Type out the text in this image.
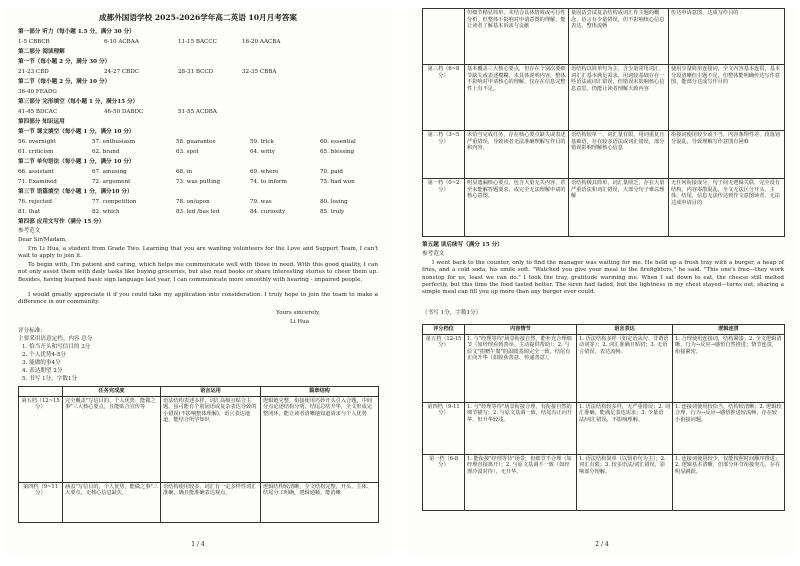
成都外国语学校 2025-2026学年高二英语 10月月考答案
第一部分 听力（每小题 1.5 分，满分 30 分）
1-5 CBBCB	6-10 ACBAA	11-15 BACCC	16-20 AACBA
第二部分 阅读理解
第一节（每小题 2 分，满分 30 分）
21-23 CBD	24-27 CBDC	28-31 BCCD	32-35 CBBA
第二节（每小题 2 分，满分 10 分）
36-40 FEADG
第三部分 完形填空（每小题 1 分，满分15 分）
41-45 BDCAC	46-50 DABDC	51-55 ACDBA
第四部分 知识运用
第一节 课文填空（每小题 1 分，满分 10 分）
56. overnight	57. enthusiasm	58. guarantee	59. trick	60. essential
61. criticism	62. brand	63. spot	64. witty	65. blessing
第二节 单句语法（每小题 1 分，满分 10 分）
66. assistant	67. amusing	68. in	69. where	70. paid
71. Examined	72. argument	73. was putting	74. to inform	75. had won
第三节 语篇填空（每小题 1 分，满分10 分）
76. rejected	77. competition	78. on/upon	79. was	80. losing
81. that	82. which	83. led /has led	84. curiosity	85. truly
第四部 应用文写作（满分 15 分）
参考范文
Dear Sir/Madam,
I'm Li Hua, a student from Grade Two. Learning that you are wanting volunteers for the Love and Support Team, I can't wait to apply to join it.
To begin with, I'm patient and caring, which helps me communicate well with those in need. With this good quality, I can not only assist them with daily tasks like buying groceries, but also read books or share interesting stories to cheer them up. Besides, having learned basic sign language last year, I can communicate more smoothly with hearing - impaired people.
I would greatly appreciate it if you could take my application into consideration. I truly hope to join the team to make a difference in our community.
Yours sincerely,
Li Hua
评分标准：
主要采用语意定档。内容 总分
1. 恰当开头和写信目的 3分
2. 个人优势4-5分
3. 能做的事4分
4. 表达期望 2分
5. 书写 1分，字数1分
	任务完成度	语言运用	篇章结构
第五档（12~15分）	完全覆盖"写信目的、个人优势、能做之事"三大核心要点，且能贴合宣传等	语法结构表述多样，词汇高级且贴合主题，虽可能有个别固语或复杂表达导致的小错误(不影响整体理解)，语言表达地道，能结合所学知识	逻辑链完整，衔接使用巧妙开头引入合题，中间分点论述结构分明，结尾总结升华，全文形成完整闭环，能让读者清晰地知道请求与个人优势
第四档（9~11分）	涵盖"写信目的，个人优势，能做之事"三大要点，无核心信息缺失，	语结构使用较多，词汇有一定多样性词汇准确，确且能准确表达观点，	逻辑结构较清晰，全文结构完整，开头、主体、结尾分工明确，逻辑通顺，能消晰
1 / 4
	但细节稍显简单，未结合具体情境或可行性分析，但整体不影响对申请意图的理解，能让读者了解基本诉求与贡献	量固话尝试复杂结构或词汇作主题的概念，语言有少量错误，但不影响核心信息表达，整体流畅	传达申请意图，达成写作目的
第三档（6~8分）	基本覆盖三大核心要点，但存在个别次要细节缺失或表述模糊，未具体说明内容，整体不影响对申请核心的理解，仅存在信息完整性上有不足。	语结构以简单句为主，含少量常用词汇，词汇汇基本满足需求，用词较基础存在一些语法或词汇错误，但错误未影响核心信息意思，仍能让读者理解大致内容	使用少量简单连接词，全文内容基本连贯，基本分段清晰但主题不足，但整体能明确传达写作意图，能部分达成写作目的
第二档（3~5分）	未恰当完成任务，存在核心要点缺失或表述严重错误，导致读者无法准确理解写作目的和内容。	语结构较单一，词汇量有限，用词重复且基础语，存在较多语法或词汇错误，部分错误影响理解核心信息	衔接词使用较少或不当，内容条理性差，段落划分混乱，导致理解写作意图有困难
第一档（0~2分）	明显遗漏核心要点，包含大量无关内容，甚至未能解答题要求，或完全无法理解申请的核心意图。	语结构极其简单，词汇量匮乏，存在大量严重语法和词汇错误，大部分句子难以理解	无任何衔接成分，句子间无逻辑关联，完全没有结构，内容零散混乱，全文无法区分开头、主体、结尾，信息无法传达到作文意图读者，无法达成申请目的
第五题 读后续写（满分 15 分）
参考范文
I went back to the counter, only to find the manager was waiting for me. He held up a fresh tray with a burger, a heap of fries, and a cold soda, his smile soft. "Watched you give your meal to the firefighters," he said. "This one's free—they work nonstop for us, least we can do." I took the tray, gratitude warming me. When I sat down to eat, the cheese still melted perfectly, but this time the food tasted better. The siren had faded, but the lightness in my chest stayed—turns out, sharing a simple meal can fill you up more than any burger ever could.
（书写 1分，字数1分）
评分档位	内容情节	语言表达	逻辑连贯
第五档（12-15 分）	1. 与"经理等待"场景衔接自然，能补充合理细节（如经理看到善举、主动提供帮助）；2. 与原文"捐赠午餐"的温暖基调完全一致，结尾有正向升华（如收获善意、传递善意）。	1. 语法结构多样（如定语从句、非谓语动词等）；2. 词汇准确且贴切；3. 无语言错误，表达流畅。	1. 合理使用连接词，结构紧凑；2. 全文逻辑清晰，行为→反应→感悟自然推进；情节连贯，衔接紧密。
第四档（9-11 分）	1. 与"经理等待"场景衔接合理，有衔接自然的细节描写；2. 与原文基调一致，结尾有正向升华，但升华较浅。	1. 语法结构较多样，无严重错误；2. 词汇准确，能满足表达需求；3. 少量语法/词汇错误，不影响理解。	1. 连接词使用较恰当，结构较清晰；2. 逻辑较合理，行为→反应→感悟推进较流畅，存在较小衔接问题。
第一档（6-8 分）	1. 能衔接"经理等待"场景，但细节不合理（如经理直接离开）；2. 与原文基调不一致（如经理冷漠对待），无升华。	1. 语法结构简单（以简单句为主）；2. 词汇有限；3. 较多语法/词汇错误，影响部分理解。	1. 连接词使用较少，仅能按照时间顺序推进；2. 逻辑基本清晰，但部分环节衔接突兀，存在明显跳跃。
2 / 4
